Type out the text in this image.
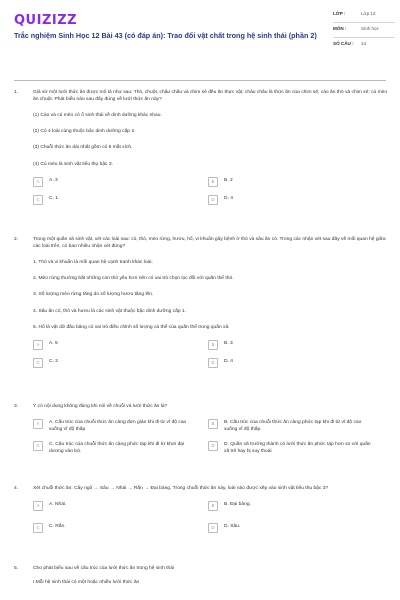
QUIZIZZ
Trắc nghiệm Sinh Học 12 Bài 43 (có đáp án): Trao đổi vật chất trong hệ sinh thái (phần 2)
LỚP :	Lớp 12
MÔN :	Sinh học
SỐ CÂU :	14
1.	Giả sử một lưới thức ăn được mô tả như sau: Thỏ, chuột, châu chấu và chim sẻ đều ăn thực vật; châu chấu là thức ăn của chim sẻ; cáo ăn thỏ và chim sẻ; cú mèo ăn chuột. Phát biểu nào sau đây đúng về lưới thức ăn này?
(1) Cáo và cú mèo có ổ sinh thái về dinh dưỡng khác nhau.
(2) Có 4 loài cùng thuộc bậc dinh dưỡng cấp 2.
(3) Chuỗi thức ăn dài nhất gồm có 6 mắt xích.
(4) Cú mèo là sinh vật tiêu thụ bậc 3.
A	A. 3	B	B. 2
C	C. 1	D	D. 4
2.	Trong một quần xã sinh vật, xét các loài sau: cỏ, thỏ, mèo rừng, hươu, hổ, vi khuẩn gây bệnh ở thỏ và sâu ăn cỏ. Trong các nhận xét sau đây về mối quan hệ giữa các loài trên, có bao nhiêu nhận xét đúng?
1. Thỏ và vi khuẩn là mối quan hệ cạnh tranh khác loài.
2. Mèo rừng thường bắt những con thỏ yếu hơn nên có vai trò chọn lọc đối với quần thể thỏ.
3. Số lượng mèo rừng tăng do số lượng hươu tăng lên.
4. Sâu ăn cỏ, thỏ và hươu là các sinh vật thuộc bậc dinh dưỡng cấp 1.
5. Hổ là vật dữ đầu bảng có vai trò điều chỉnh số lượng cá thể của quần thể trong quần xã.
A	A. 5	B	B. 3
C	C. 2	D	D. 4
3.	Ý có nội dung không đúng khi nói về chuỗi và lưới thức ăn là?
A	A. Cấu trúc của chuỗi thức ăn càng đơn giản khi đi từ vĩ độ cao xuống vĩ độ thấp.
B	B. Cấu trúc của chuỗi thức ăn càng phức tạp khi đi từ vĩ độ cao xuống vĩ độ thấp.
C	C. Cấu trúc của chuỗi thức ăn càng phức tạp khi đi từ khơi đại dương vào bờ.
D	D. Quần xã trưởng thành có lưới thức ăn phức tạp hơn so với quần xã trẻ hay bị suy thoái
4.	Xét chuỗi thức ăn: Cây ngô → Sâu → Nhái → Rắn → Đại bàng. Trong chuỗi thức ăn này, loài nào được xếp vào sinh vật tiêu thụ bậc 3?
A	A. Nhái.	B	B. Đại bàng.
C	C. Rắn.	D	D. Sâu.
5.	Cho phát biểu sau về cấu trúc của lưới thức ăn trong hệ sinh thái
I.Mỗi hệ sinh thái có một hoặc nhiều lưới thức ăn
